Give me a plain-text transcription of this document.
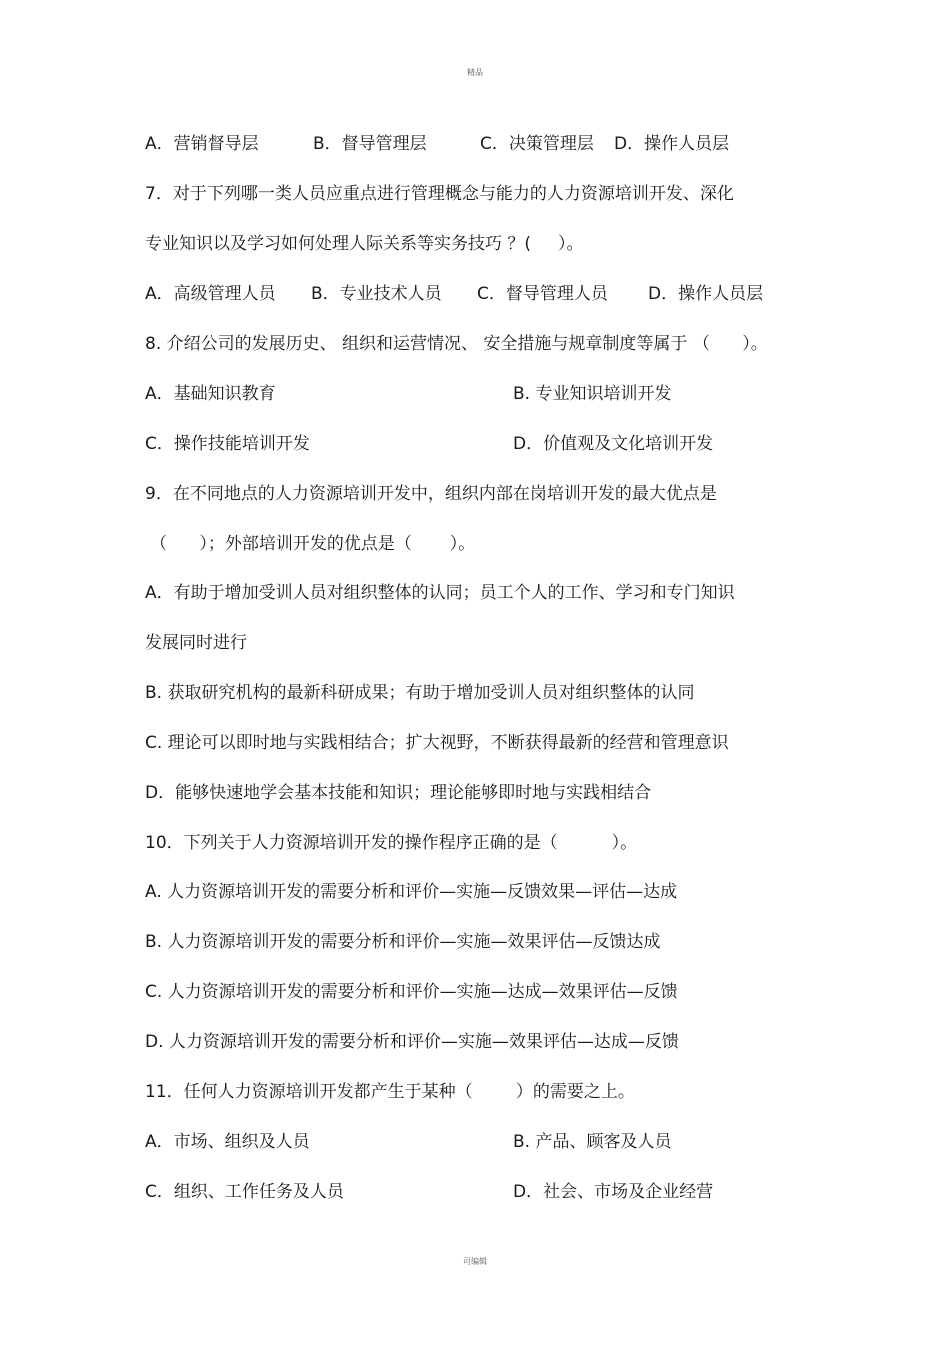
精品
A．营销督导层	B．督导管理层	C．决策管理层 D．操作人员层
7．对于下列哪一类人员应重点进行管理概念与能力的人力资源培训开发、深化
专业知识以及学习如何处理人际关系等实务技巧 ？(     ）。
A．高级管理人员 B．专业技术人员 C．督导管理人员 D．操作人员层
8. 介绍公司的发展历史、 组织和运营情况、 安全措施与规章制度等属于 （      ）。
A．基础知识教育	B. 专业知识培训开发
C．操作技能培训开发	D．价值观及文化培训开发
9．在不同地点的人力资源培训开发中，组织内部在岗培训开发的最大优点是
（      ）；外部培训开发的优点是（       ）。
A．有助于增加受训人员对组织整体的认同；员工个人的工作、学习和专门知识
发展同时进行
B. 获取研究机构的最新科研成果；有助于增加受训人员对组织整体的认同
C. 理论可以即时地与实践相结合；扩大视野，不断获得最新的经营和管理意识
D．能够快速地学会基本技能和知识；理论能够即时地与实践相结合
10．下列关于人力资源培训开发的操作程序正确的是（          ）。
A. 人力资源培训开发的需要分析和评价—实施—反馈效果—评估—达成
B. 人力资源培训开发的需要分析和评价—实施—效果评估—反馈达成
C. 人力资源培训开发的需要分析和评价—实施—达成—效果评估—反馈
D. 人力资源培训开发的需要分析和评价—实施—效果评估—达成—反馈
11．任何人力资源培训开发都产生于某种（        ）的需要之上。
A．市场、组织及人员	B. 产品、顾客及人员
C．组织、工作任务及人员	D．社会、市场及企业经营
可编辑
